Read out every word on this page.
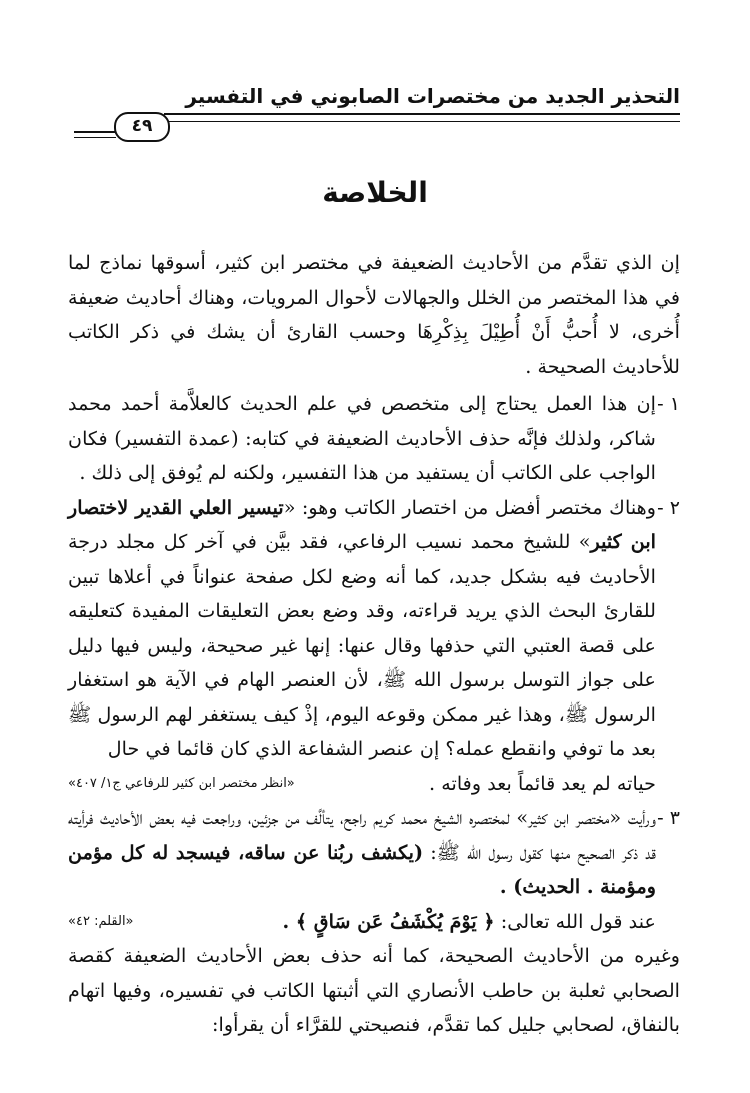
التحذير الجديد من مختصرات الصابوني في التفسير
٤٩
الخلاصة
إن الذي تقدَّم من الأحاديث الضعيفة في مختصر ابن كثير، أسوقها نماذج لما في هذا المختصر من الخلل والجهالات لأحوال المرويات، وهناك أحاديث ضعيفة أُخرى، لا أُحبُّ أَنْ أُطِيْلَ بِذِكْرِهَا وحسب القارئ أن يشك في ذكر الكاتب للأحاديث الصحيحة .
١ -
إن هذا العمل يحتاج إلى متخصص في علم الحديث كالعلاَّمة أحمد محمد شاكر، ولذلك فإنَّه حذف الأحاديث الضعيفة في كتابه: (عمدة التفسير) فكان الواجب على الكاتب أن يستفيد من هذا التفسير، ولكنه لم يُوفق إلى ذلك .
٢ -
وهناك مختصر أفضل من اختصار الكاتب وهو: «تيسير العلي القدير لاختصار ابن كثير» للشيخ محمد نسيب الرفاعي، فقد بيَّن في آخر كل مجلد درجة الأحاديث فيه بشكل جديد، كما أنه وضع لكل صفحة عنواناً في أعلاها تبين للقارئ البحث الذي يريد قراءته، وقد وضع بعض التعليقات المفيدة كتعليقه على قصة العتبي التي حذفها وقال عنها: إنها غير صحيحة، وليس فيها دليل على جواز التوسل برسول الله ﷺ، لأن العنصر الهام في الآية هو استغفار الرسول ﷺ، وهذا غير ممكن وقوعه اليوم، إذْ كيف يستغفر لهم الرسول ﷺ بعد ما توفي وانقطع عمله؟ إن عنصر الشفاعة الذي كان قائما في حال
حياته لم يعد قائماً بعد وفاته .
«انظر مختصر ابن كثير للرفاعي ج١/ ٤٠٧»
٣ -
ورأيت «مختصر ابن كثير» لمختصره الشيخ محمد كريم راجح، يتألَّف من جزئين، وراجعت فيه بعض الأحاديث فرأيته قد ذكر الصحيح منها كقول رسول الله ﷺ: (يكشف ربُنا عن ساقه، فيسجد له كل مؤمن ومؤمنة . الحديث) .
عند قول الله تعالى: ﴿ يَوْمَ يُكْشَفُ عَن سَاقٍ ﴾ .
«القلم: ٤٢»
وغيره من الأحاديث الصحيحة، كما أنه حذف بعض الأحاديث الضعيفة كقصة الصحابي ثعلبة بن حاطب الأنصاري التي أثبتها الكاتب في تفسيره، وفيها اتهام بالنفاق، لصحابي جليل كما تقدَّم، فنصيحتي للقرَّاء أن يقرأوا:
